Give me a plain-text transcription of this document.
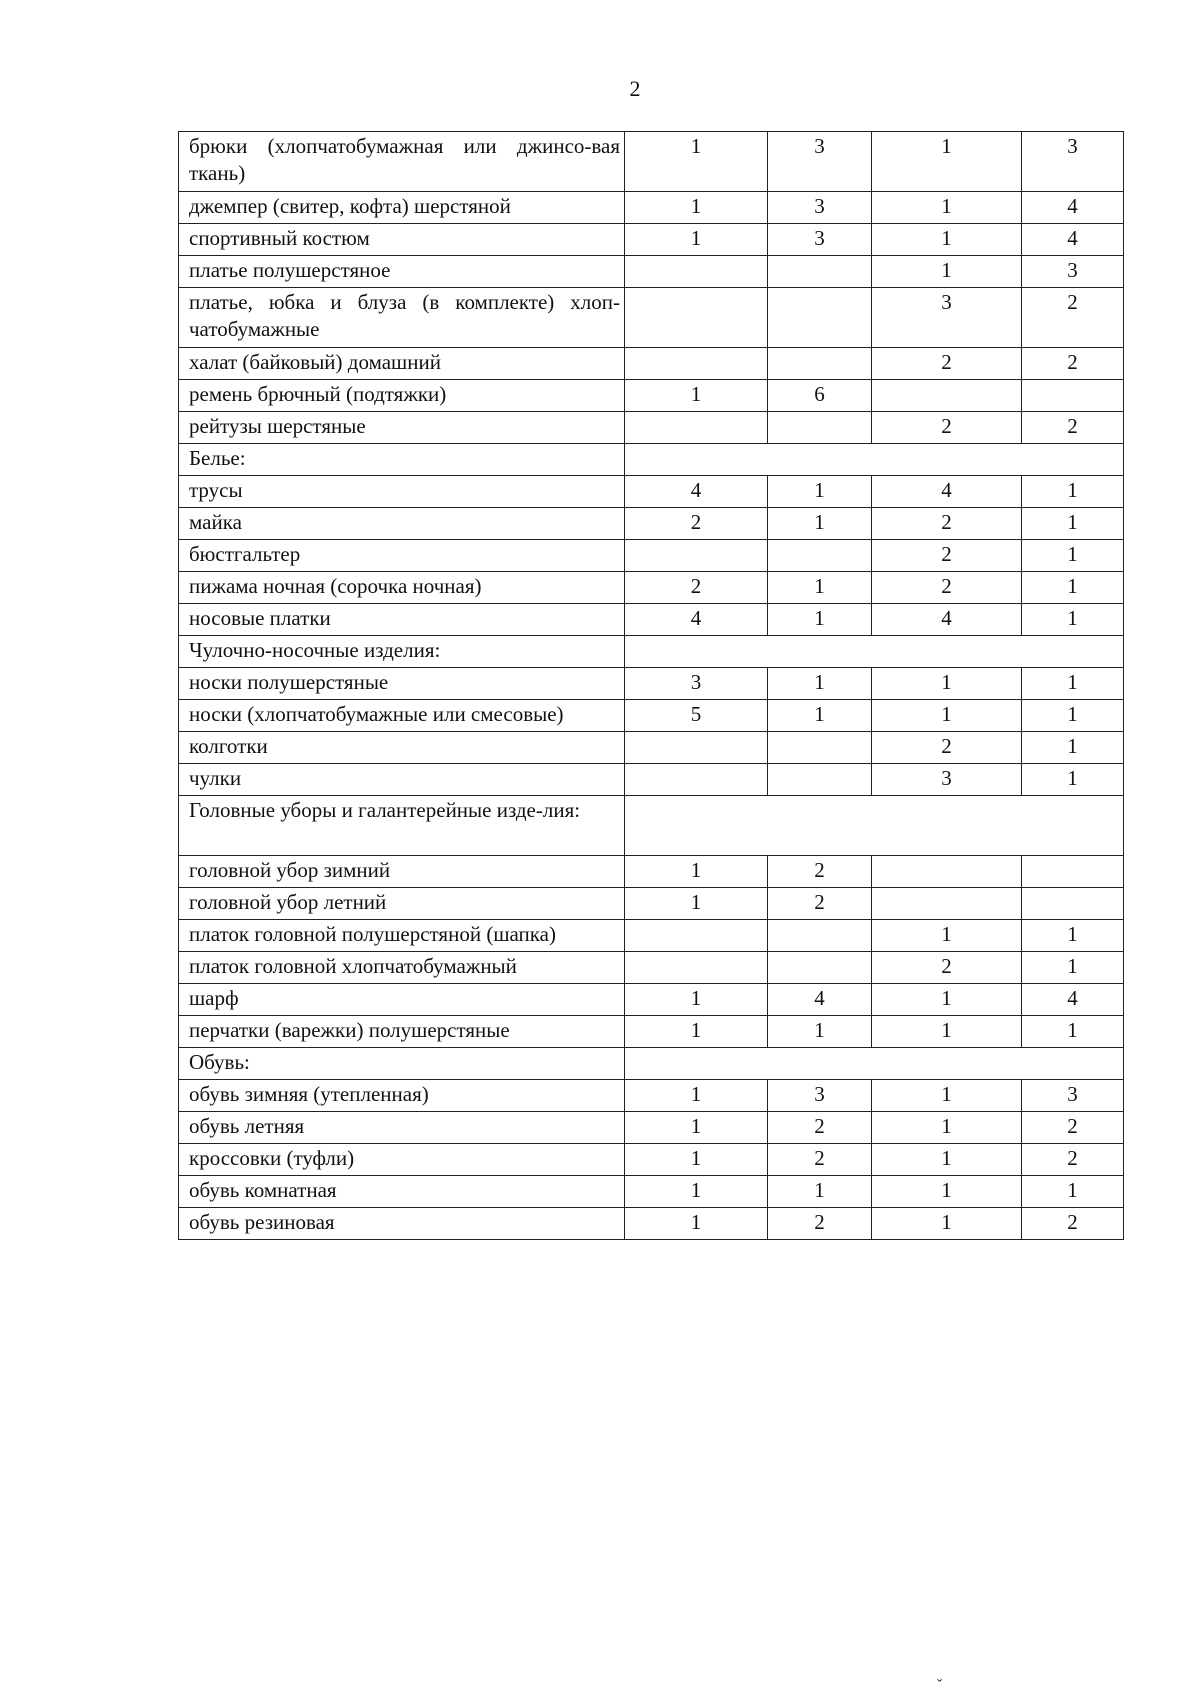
2
брюки (хлопчатобумажная или джинсо-вая ткань)	1	3	1	3
джемпер (свитер, кофта) шерстяной	1	3	1	4
спортивный костюм	1	3	1	4
платье полушерстяное			1	3
платье, юбка и блуза (в комплекте) хлоп-чатобумажные			3	2
халат (байковый) домашний			2	2
ремень брючный (подтяжки)	1	6		
рейтузы шерстяные			2	2
Белье:				
трусы	4	1	4	1
майка	2	1	2	1
бюстгальтер			2	1
пижама ночная (сорочка ночная)	2	1	2	1
носовые платки	4	1	4	1
Чулочно-носочные изделия:				
носки полушерстяные	3	1	1	1
носки (хлопчатобумажные или смесовые)	5	1	1	1
колготки			2	1
чулки			3	1
Головные уборы и галантерейные изде-лия:				
головной убор зимний	1	2		
головной убор летний	1	2		
платок головной полушерстяной (шапка)			1	1
платок головной хлопчатобумажный			2	1
шарф	1	4	1	4
перчатки (варежки) полушерстяные	1	1	1	1
Обувь:				
обувь зимняя (утепленная)	1	3	1	3
обувь летняя	1	2	1	2
кроссовки (туфли)	1	2	1	2
обувь комнатная	1	1	1	1
обувь резиновая	1	2	1	2
ˇ
